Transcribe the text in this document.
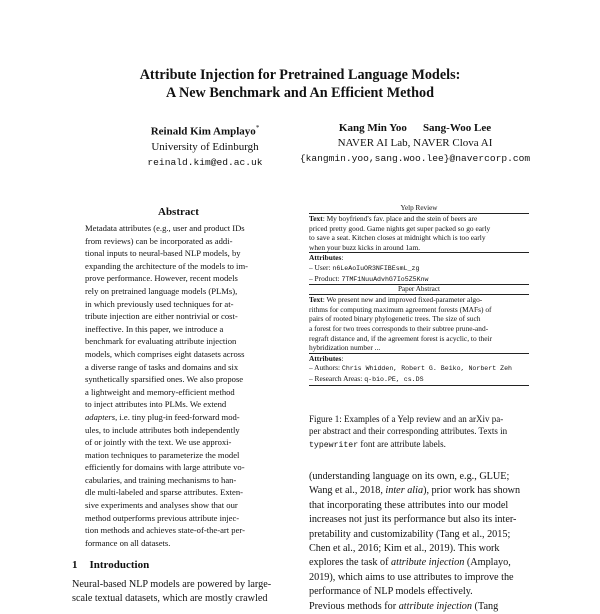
Attribute Injection for Pretrained Language Models:
A New Benchmark and An Efficient Method
Reinald Kim Amplayo*
University of Edinburgh
reinald.kim@ed.ac.uk
Kang Min Yoo Sang-Woo Lee
NAVER AI Lab, NAVER Clova AI
{kangmin.yoo,sang.woo.lee}@navercorp.com
Abstract
Metadata attributes (e.g., user and product IDs
from reviews) can be incorporated as addi-
tional inputs to neural-based NLP models, by
expanding the architecture of the models to im-
prove performance. However, recent models
rely on pretrained language models (PLMs),
in which previously used techniques for at-
tribute injection are either nontrivial or cost-
ineffective. In this paper, we introduce a
benchmark for evaluating attribute injection
models, which comprises eight datasets across
a diverse range of tasks and domains and six
synthetically sparsified ones. We also propose
a lightweight and memory-efficient method
to inject attributes into PLMs. We extend
adapters, i.e. tiny plug-in feed-forward mod-
ules, to include attributes both independently
of or jointly with the text. We use approxi-
mation techniques to parameterize the model
efficiently for domains with large attribute vo-
cabularies, and training mechanisms to han-
dle multi-labeled and sparse attributes. Exten-
sive experiments and analyses show that our
method outperforms previous attribute injec-
tion methods and achieves state-of-the-art per-
formance on all datasets.
1 Introduction
Neural-based NLP models are powered by large-
scale textual datasets, which are mostly crawled
Yelp Review
Text: My boyfriend's fav. place and the stein of beers are
priced pretty good. Game nights get super packed so go early
to save a seat. Kitchen closes at midnight which is too early
when your buzz kicks in around 1am.
Attributes:
– User: n6LeAoIuOR3NFIBEsmL_zg
– Product: 7TMF1NuuAdvhG7Io5Z5Knw
Paper Abstract
Text: We present new and improved fixed-parameter algo-
rithms for computing maximum agreement forests (MAFs) of
pairs of rooted binary phylogenetic trees. The size of such
a forest for two trees corresponds to their subtree prune-and-
regraft distance and, if the agreement forest is acyclic, to their
hybridization number ...
Attributes:
– Authors: Chris Whidden, Robert G. Beiko, Norbert Zeh
– Research Areas: q-bio.PE, cs.DS
Figure 1: Examples of a Yelp review and an arXiv pa-
per abstract and their corresponding attributes. Texts in
typewriter font are attribute labels.
(understanding language on its own, e.g., GLUE;
Wang et al., 2018, inter alia), prior work has shown
that incorporating these attributes into our model
increases not just its performance but also its inter-
pretability and customizability (Tang et al., 2015;
Chen et al., 2016; Kim et al., 2019). This work
explores the task of attribute injection (Amplayo,
2019), which aims to use attributes to improve the
performance of NLP models effectively.
Previous methods for attribute injection (Tang
